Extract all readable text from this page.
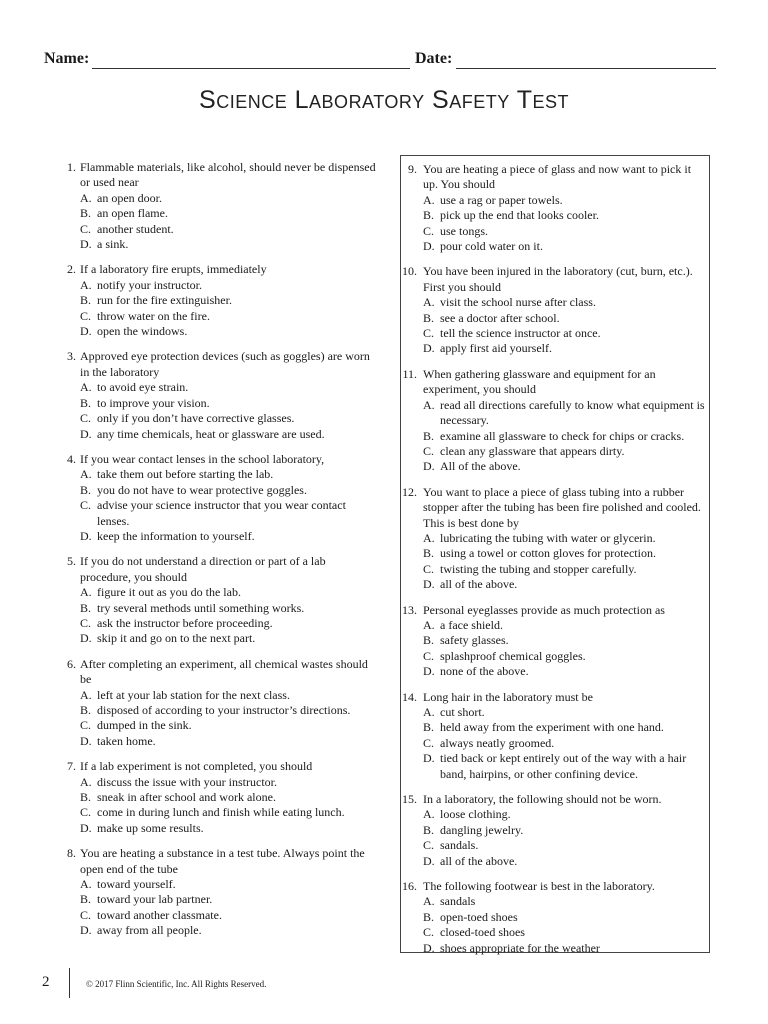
Name:	Date:
Science Laboratory Safety Test
1. Flammable materials, like alcohol, should never be dispensed or used near
A. an open door.
B. an open flame.
C. another student.
D. a sink.
2. If a laboratory fire erupts, immediately
A. notify your instructor.
B. run for the fire extinguisher.
C. throw water on the fire.
D. open the windows.
3. Approved eye protection devices (such as goggles) are worn in the laboratory
A. to avoid eye strain.
B. to improve your vision.
C. only if you don’t have corrective glasses.
D. any time chemicals, heat or glassware are used.
4. If you wear contact lenses in the school laboratory,
A. take them out before starting the lab.
B. you do not have to wear protective goggles.
C. advise your science instructor that you wear contact lenses.
D. keep the information to yourself.
5. If you do not understand a direction or part of a lab procedure, you should
A. figure it out as you do the lab.
B. try several methods until something works.
C. ask the instructor before proceeding.
D. skip it and go on to the next part.
6. After completing an experiment, all chemical wastes should be
A. left at your lab station for the next class.
B. disposed of according to your instructor’s directions.
C. dumped in the sink.
D. taken home.
7. If a lab experiment is not completed, you should
A. discuss the issue with your instructor.
B. sneak in after school and work alone.
C. come in during lunch and finish while eating lunch.
D. make up some results.
8. You are heating a substance in a test tube. Always point the open end of the tube
A. toward yourself.
B. toward your lab partner.
C. toward another classmate.
D. away from all people.
9. You are heating a piece of glass and now want to pick it up. You should
A. use a rag or paper towels.
B. pick up the end that looks cooler.
C. use tongs.
D. pour cold water on it.
10. You have been injured in the laboratory (cut, burn, etc.). First you should
A. visit the school nurse after class.
B. see a doctor after school.
C. tell the science instructor at once.
D. apply first aid yourself.
11. When gathering glassware and equipment for an experiment, you should
A. read all directions carefully to know what equipment is necessary.
B. examine all glassware to check for chips or cracks.
C. clean any glassware that appears dirty.
D. All of the above.
12. You want to place a piece of glass tubing into a rubber stopper after the tubing has been fire polished and cooled. This is best done by
A. lubricating the tubing with water or glycerin.
B. using a towel or cotton gloves for protection.
C. twisting the tubing and stopper carefully.
D. all of the above.
13. Personal eyeglasses provide as much protection as
A. a face shield.
B. safety glasses.
C. splashproof chemical goggles.
D. none of the above.
14. Long hair in the laboratory must be
A. cut short.
B. held away from the experiment with one hand.
C. always neatly groomed.
D. tied back or kept entirely out of the way with a hair band, hairpins, or other confining device.
15. In a laboratory, the following should not be worn.
A. loose clothing.
B. dangling jewelry.
C. sandals.
D. all of the above.
16. The following footwear is best in the laboratory.
A. sandals
B. open-toed shoes
C. closed-toed shoes
D. shoes appropriate for the weather
2	© 2017 Flinn Scientific, Inc. All Rights Reserved.
